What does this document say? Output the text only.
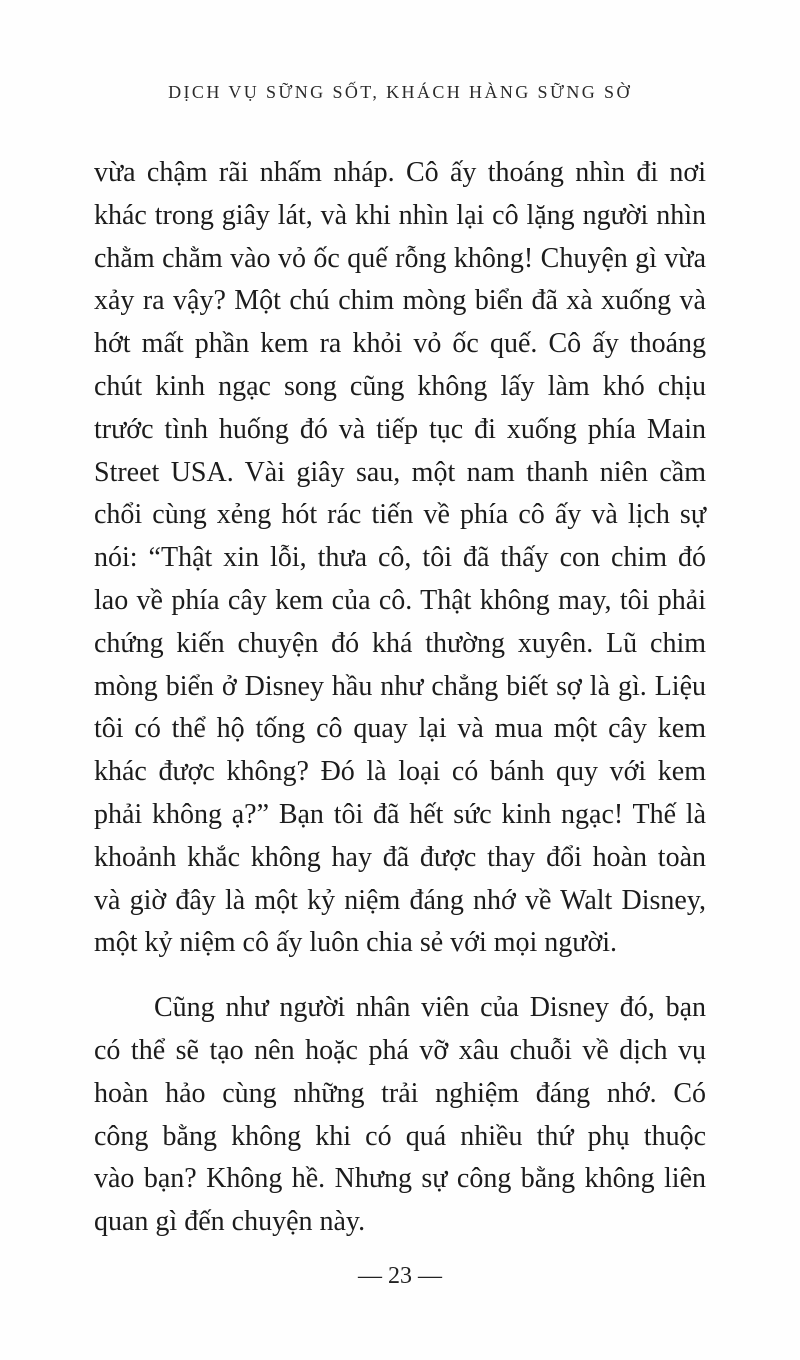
DỊCH VỤ SỮNG SỐT, KHÁCH HÀNG SỮNG SỜ
vừa chậm rãi nhấm nháp. Cô ấy thoáng nhìn đi nơi
khác trong giây lát, và khi nhìn lại cô lặng người nhìn
chằm chằm vào vỏ ốc quế rỗng không! Chuyện gì vừa
xảy ra vậy? Một chú chim mòng biển đã xà xuống và
hớt mất phần kem ra khỏi vỏ ốc quế. Cô ấy thoáng
chút kinh ngạc song cũng không lấy làm khó chịu
trước tình huống đó và tiếp tục đi xuống phía Main
Street USA. Vài giây sau, một nam thanh niên cầm
chổi cùng xẻng hót rác tiến về phía cô ấy và lịch sự
nói: “Thật xin lỗi, thưa cô, tôi đã thấy con chim đó
lao về phía cây kem của cô. Thật không may, tôi phải
chứng kiến chuyện đó khá thường xuyên. Lũ chim
mòng biển ở Disney hầu như chẳng biết sợ là gì. Liệu
tôi có thể hộ tống cô quay lại và mua một cây kem
khác được không? Đó là loại có bánh quy với kem
phải không ạ?” Bạn tôi đã hết sức kinh ngạc! Thế là
khoảnh khắc không hay đã được thay đổi hoàn toàn
và giờ đây là một kỷ niệm đáng nhớ về Walt Disney,
một kỷ niệm cô ấy luôn chia sẻ với mọi người.
Cũng như người nhân viên của Disney đó, bạn
có thể sẽ tạo nên hoặc phá vỡ xâu chuỗi về dịch vụ
hoàn hảo cùng những trải nghiệm đáng nhớ. Có
công bằng không khi có quá nhiều thứ phụ thuộc
vào bạn? Không hề. Nhưng sự công bằng không liên
quan gì đến chuyện này.
— 23 —
